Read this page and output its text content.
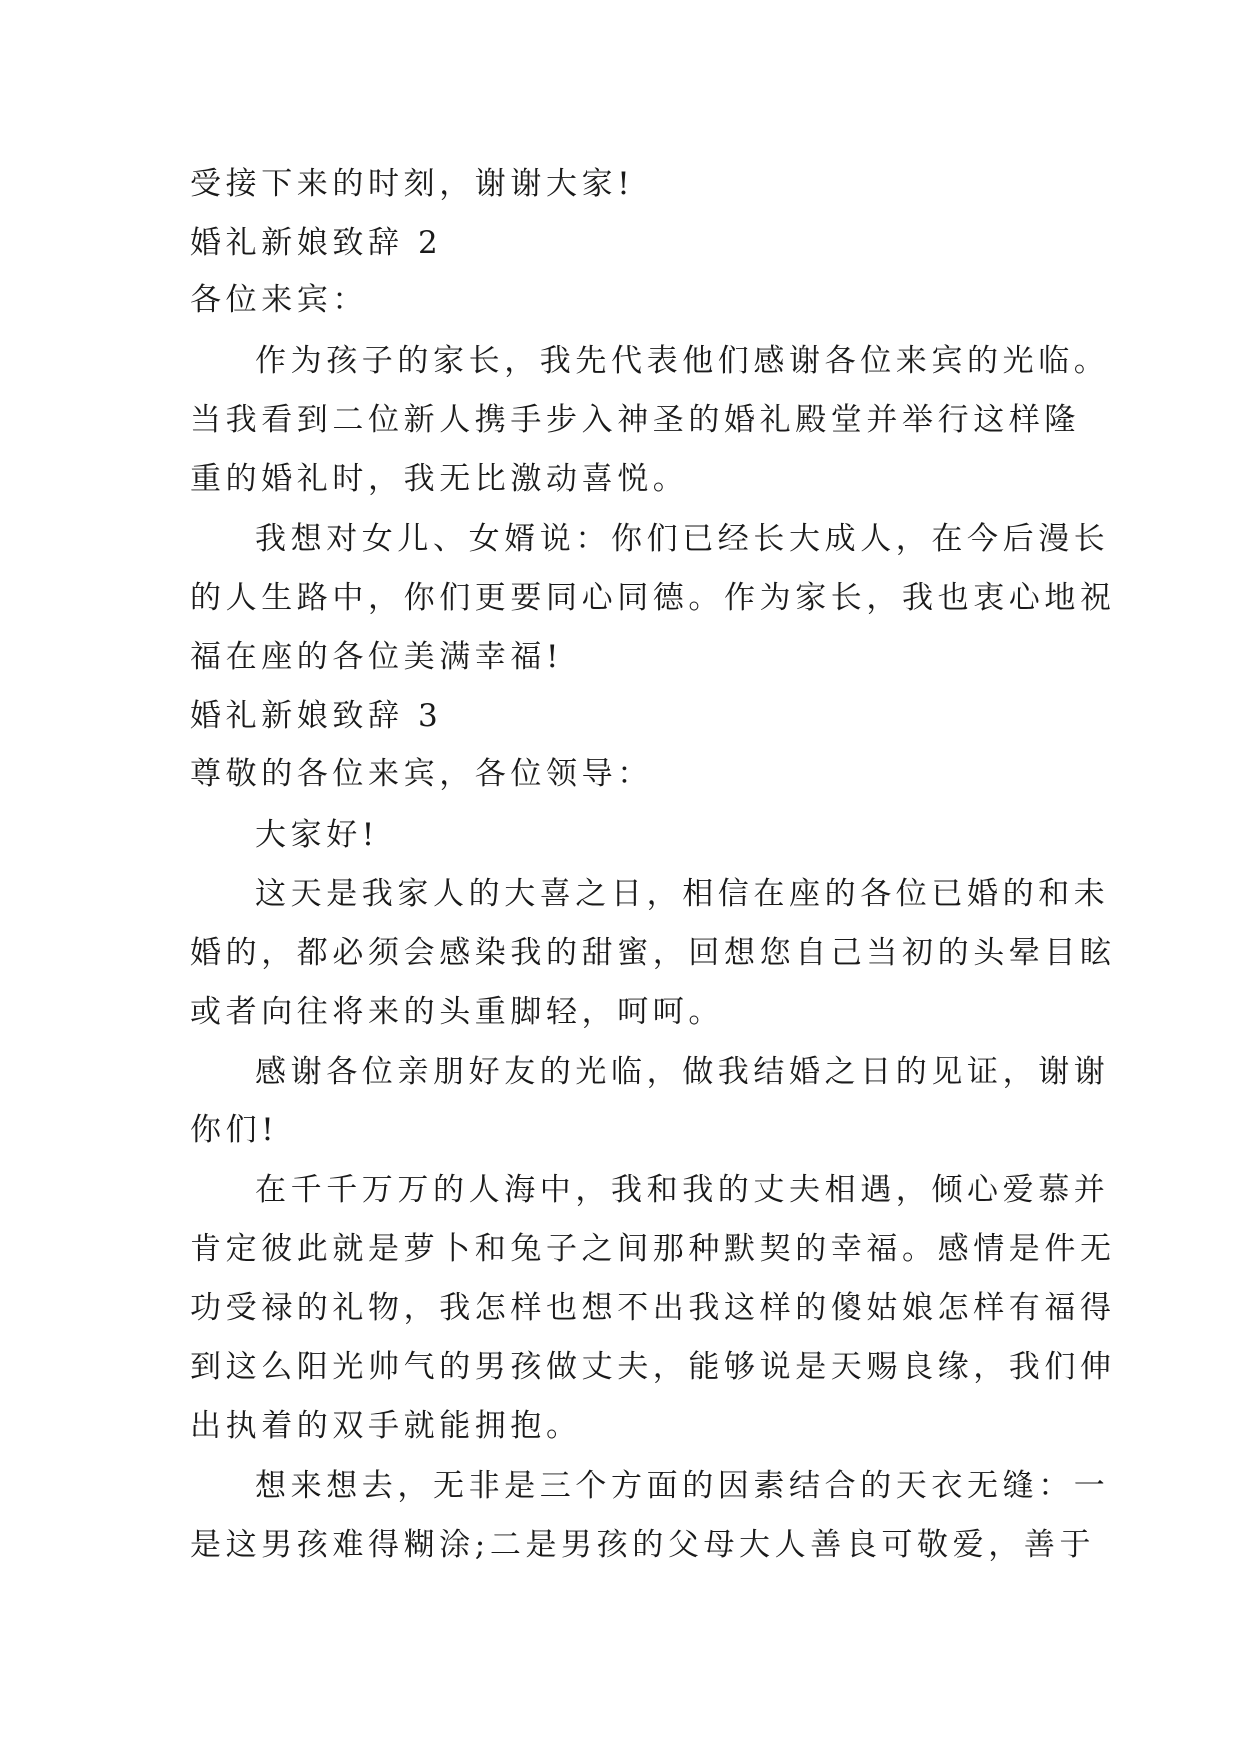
受接下来的时刻，谢谢大家!
婚礼新娘致辞 2
各位来宾：
作为孩子的家长，我先代表他们感谢各位来宾的光临。
当我看到二位新人携手步入神圣的婚礼殿堂并举行这样隆
重的婚礼时，我无比激动喜悦。
我想对女儿、女婿说：你们已经长大成人，在今后漫长
的人生路中，你们更要同心同德。作为家长，我也衷心地祝
福在座的各位美满幸福!
婚礼新娘致辞 3
尊敬的各位来宾，各位领导：
大家好!
这天是我家人的大喜之日，相信在座的各位已婚的和未
婚的，都必须会感染我的甜蜜，回想您自己当初的头晕目眩
或者向往将来的头重脚轻，呵呵。
感谢各位亲朋好友的光临，做我结婚之日的见证，谢谢
你们!
在千千万万的人海中，我和我的丈夫相遇，倾心爱慕并
肯定彼此就是萝卜和兔子之间那种默契的幸福。感情是件无
功受禄的礼物，我怎样也想不出我这样的傻姑娘怎样有福得
到这么阳光帅气的男孩做丈夫，能够说是天赐良缘，我们伸
出执着的双手就能拥抱。
想来想去，无非是三个方面的因素结合的天衣无缝：一
是这男孩难得糊涂;二是男孩的父母大人善良可敬爱，善于
